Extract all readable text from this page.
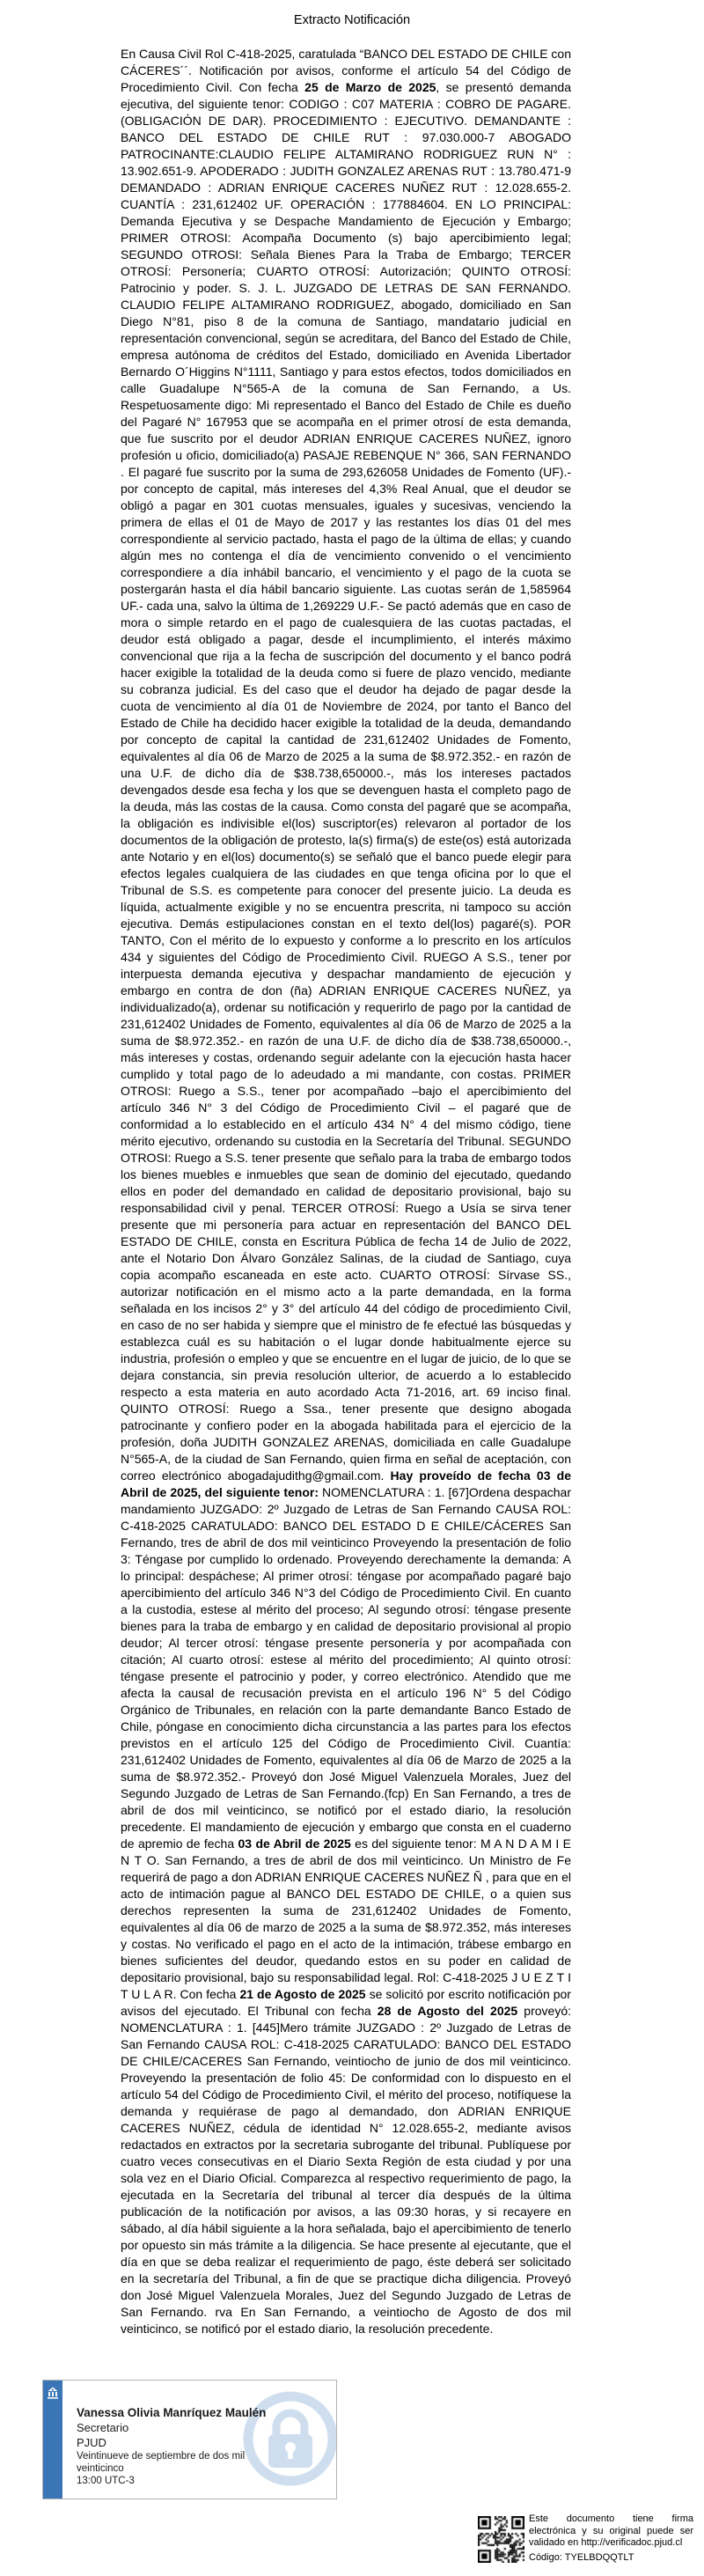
Extracto Notificación
En Causa Civil Rol C-418-2025, caratulada “BANCO DEL ESTADO DE CHILE con CÁCERES´´. Notificación por avisos, conforme el artículo 54 del Código de Procedimiento Civil. Con fecha 25 de Marzo de 2025, se presentó demanda ejecutiva, del siguiente tenor: CODIGO : C07 MATERIA : COBRO DE PAGARE. (OBLIGACIÓN DE DAR). PROCEDIMIENTO : EJECUTIVO. DEMANDANTE : BANCO DEL ESTADO DE CHILE RUT : 97.030.000-7 ABOGADO PATROCINANTE:CLAUDIO FELIPE ALTAMIRANO RODRIGUEZ RUN N° : 13.902.651-9. APODERADO : JUDITH GONZALEZ ARENAS RUT : 13.780.471-9 DEMANDADO : ADRIAN ENRIQUE CACERES NUÑEZ RUT : 12.028.655-2. CUANTÍA : 231,612402 UF. OPERACIÓN : 177884604. EN LO PRINCIPAL: Demanda Ejecutiva y se Despache Mandamiento de Ejecución y Embargo; PRIMER OTROSI: Acompaña Documento (s) bajo apercibimiento legal; SEGUNDO OTROSI: Señala Bienes Para la Traba de Embargo; TERCER OTROSÍ: Personería; CUARTO OTROSÍ: Autorización; QUINTO OTROSÍ: Patrocinio y poder. S. J. L. JUZGADO DE LETRAS DE SAN FERNANDO. CLAUDIO FELIPE ALTAMIRANO RODRIGUEZ, abogado, domiciliado en San Diego N°81, piso 8 de la comuna de Santiago, mandatario judicial en representación convencional, según se acreditara, del Banco del Estado de Chile, empresa autónoma de créditos del Estado, domiciliado en Avenida Libertador Bernardo O´Higgins N°1111, Santiago y para estos efectos, todos domiciliados en calle Guadalupe N°565-A de la comuna de San Fernando, a Us. Respetuosamente digo: Mi representado el Banco del Estado de Chile es dueño del Pagaré N° 167953 que se acompaña en el primer otrosí de esta demanda, que fue suscrito por el deudor ADRIAN ENRIQUE CACERES NUÑEZ, ignoro profesión u oficio, domiciliado(a) PASAJE REBENQUE N° 366, SAN FERNANDO . El pagaré fue suscrito por la suma de 293,626058 Unidades de Fomento (UF).- por concepto de capital, más intereses del 4,3% Real Anual, que el deudor se obligó a pagar en 301 cuotas mensuales, iguales y sucesivas, venciendo la primera de ellas el 01 de Mayo de 2017 y las restantes los días 01 del mes correspondiente al servicio pactado, hasta el pago de la última de ellas; y cuando algún mes no contenga el día de vencimiento convenido o el vencimiento correspondiere a día inhábil bancario, el vencimiento y el pago de la cuota se postergarán hasta el día hábil bancario siguiente. Las cuotas serán de 1,585964 UF.- cada una, salvo la última de 1,269229 U.F.- Se pactó además que en caso de mora o simple retardo en el pago de cualesquiera de las cuotas pactadas, el deudor está obligado a pagar, desde el incumplimiento, el interés máximo convencional que rija a la fecha de suscripción del documento y el banco podrá hacer exigible la totalidad de la deuda como si fuere de plazo vencido, mediante su cobranza judicial. Es del caso que el deudor ha dejado de pagar desde la cuota de vencimiento al día 01 de Noviembre de 2024, por tanto el Banco del Estado de Chile ha decidido hacer exigible la totalidad de la deuda, demandando por concepto de capital la cantidad de 231,612402 Unidades de Fomento, equivalentes al día 06 de Marzo de 2025 a la suma de $8.972.352.- en razón de una U.F. de dicho día de $38.738,650000.-, más los intereses pactados devengados desde esa fecha y los que se devenguen hasta el completo pago de la deuda, más las costas de la causa. Como consta del pagaré que se acompaña, la obligación es indivisible el(los) suscriptor(es) relevaron al portador de los documentos de la obligación de protesto, la(s) firma(s) de este(os) está autorizada ante Notario y en el(los) documento(s) se señaló que el banco puede elegir para efectos legales cualquiera de las ciudades en que tenga oficina por lo que el Tribunal de S.S. es competente para conocer del presente juicio. La deuda es líquida, actualmente exigible y no se encuentra prescrita, ni tampoco su acción ejecutiva. Demás estipulaciones constan en el texto del(los) pagaré(s). POR TANTO, Con el mérito de lo expuesto y conforme a lo prescrito en los artículos 434 y siguientes del Código de Procedimiento Civil. RUEGO A S.S., tener por interpuesta demanda ejecutiva y despachar mandamiento de ejecución y embargo en contra de don (ña) ADRIAN ENRIQUE CACERES NUÑEZ, ya individualizado(a), ordenar su notificación y requerirlo de pago por la cantidad de 231,612402 Unidades de Fomento, equivalentes al día 06 de Marzo de 2025 a la suma de $8.972.352.- en razón de una U.F. de dicho día de $38.738,650000.-, más intereses y costas, ordenando seguir adelante con la ejecución hasta hacer cumplido y total pago de lo adeudado a mi mandante, con costas. PRIMER OTROSI: Ruego a S.S., tener por acompañado –bajo el apercibimiento del artículo 346 N° 3 del Código de Procedimiento Civil – el pagaré que de conformidad a lo establecido en el artículo 434 N° 4 del mismo código, tiene mérito ejecutivo, ordenando su custodia en la Secretaría del Tribunal. SEGUNDO OTROSI: Ruego a S.S. tener presente que señalo para la traba de embargo todos los bienes muebles e inmuebles que sean de dominio del ejecutado, quedando ellos en poder del demandado en calidad de depositario provisional, bajo su responsabilidad civil y penal. TERCER OTROSÍ: Ruego a Usía se sirva tener presente que mi personería para actuar en representación del BANCO DEL ESTADO DE CHILE, consta en Escritura Pública de fecha 14 de Julio de 2022, ante el Notario Don Álvaro González Salinas, de la ciudad de Santiago, cuya copia acompaño escaneada en este acto. CUARTO OTROSÍ: Sírvase SS., autorizar notificación en el mismo acto a la parte demandada, en la forma señalada en los incisos 2° y 3° del artículo 44 del código de procedimiento Civil, en caso de no ser habida y siempre que el ministro de fe efectué las búsquedas y establezca cuál es su habitación o el lugar donde habitualmente ejerce su industria, profesión o empleo y que se encuentre en el lugar de juicio, de lo que se dejara constancia, sin previa resolución ulterior, de acuerdo a lo establecido respecto a esta materia en auto acordado Acta 71-2016, art. 69 inciso final. QUINTO OTROSÍ: Ruego a Ssa., tener presente que designo abogada patrocinante y confiero poder en la abogada habilitada para el ejercicio de la profesión, doña JUDITH GONZALEZ ARENAS, domiciliada en calle Guadalupe N°565-A, de la ciudad de San Fernando, quien firma en señal de aceptación, con correo electrónico abogadajudithg@gmail.com. Hay proveído de fecha 03 de Abril de 2025, del siguiente tenor: NOMENCLATURA : 1. [67]Ordena despachar mandamiento JUZGADO: 2º Juzgado de Letras de San Fernando CAUSA ROL: C-418-2025 CARATULADO: BANCO DEL ESTADO D E CHILE/CÁCERES San Fernando, tres de abril de dos mil veinticinco Proveyendo la presentación de folio 3: Téngase por cumplido lo ordenado. Proveyendo derechamente la demanda: A lo principal: despáchese; Al primer otrosí: téngase por acompañado pagaré bajo apercibimiento del artículo 346 N°3 del Código de Procedimiento Civil. En cuanto a la custodia, estese al mérito del proceso; Al segundo otrosí: téngase presente bienes para la traba de embargo y en calidad de depositario provisional al propio deudor; Al tercer otrosí: téngase presente personería y por acompañada con citación; Al cuarto otrosí: estese al mérito del procedimiento; Al quinto otrosí: téngase presente el patrocinio y poder, y correo electrónico. Atendido que me afecta la causal de recusación prevista en el artículo 196 N° 5 del Código Orgánico de Tribunales, en relación con la parte demandante Banco Estado de Chile, póngase en conocimiento dicha circunstancia a las partes para los efectos previstos en el artículo 125 del Código de Procedimiento Civil. Cuantía: 231,612402 Unidades de Fomento, equivalentes al día 06 de Marzo de 2025 a la suma de $8.972.352.- Proveyó don José Miguel Valenzuela Morales, Juez del Segundo Juzgado de Letras de San Fernando.(fcp) En San Fernando, a tres de abril de dos mil veinticinco, se notificó por el estado diario, la resolución precedente. El mandamiento de ejecución y embargo que consta en el cuaderno de apremio de fecha 03 de Abril de 2025 es del siguiente tenor: M A N D A M I E N T O. San Fernando, a tres de abril de dos mil veinticinco. Un Ministro de Fe requerirá de pago a don ADRIAN ENRIQUE CACERES NUÑEZ Ñ , para que en el acto de intimación pague al BANCO DEL ESTADO DE CHILE, o a quien sus derechos representen la suma de 231,612402 Unidades de Fomento, equivalentes al día 06 de marzo de 2025 a la suma de $8.972.352, más intereses y costas. No verificado el pago en el acto de la intimación, trábese embargo en bienes suficientes del deudor, quedando estos en su poder en calidad de depositario provisional, bajo su responsabilidad legal. Rol: C-418-2025 J U E Z T I T U L A R. Con fecha 21 de Agosto de 2025 se solicitó por escrito notificación por avisos del ejecutado. El Tribunal con fecha 28 de Agosto del 2025 proveyó: NOMENCLATURA : 1. [445]Mero trámite JUZGADO : 2º Juzgado de Letras de San Fernando CAUSA ROL: C-418-2025 CARATULADO: BANCO DEL ESTADO DE CHILE/CACERES San Fernando, veintiocho de junio de dos mil veinticinco. Proveyendo la presentación de folio 45: De conformidad con lo dispuesto en el artículo 54 del Código de Procedimiento Civil, el mérito del proceso, notifíquese la demanda y requiérase de pago al demandado, don ADRIAN ENRIQUE CACERES NUÑEZ, cédula de identidad N° 12.028.655-2, mediante avisos redactados en extractos por la secretaria subrogante del tribunal. Publíquese por cuatro veces consecutivas en el Diario Sexta Región de esta ciudad y por una sola vez en el Diario Oficial. Comparezca al respectivo requerimiento de pago, la ejecutada en la Secretaría del tribunal al tercer día después de la última publicación de la notificación por avisos, a las 09:30 horas, y si recayere en sábado, al día hábil siguiente a la hora señalada, bajo el apercibimiento de tenerlo por opuesto sin más trámite a la diligencia. Se hace presente al ejecutante, que el día en que se deba realizar el requerimiento de pago, éste deberá ser solicitado en la secretaría del Tribunal, a fin de que se practique dicha diligencia. Proveyó don José Miguel Valenzuela Morales, Juez del Segundo Juzgado de Letras de San Fernando. rva En San Fernando, a veintiocho de Agosto de dos mil veinticinco, se notificó por el estado diario, la resolución precedente.
Vanessa Olivia Manríquez Maulén
Secretario
PJUD
Veintinueve de septiembre de dos mil veinticinco
13:00 UTC-3
Este documento tiene firma electrónica y su original puede ser validado en http://verificadoc.pjud.cl
Código: TYELBDQQTLT
